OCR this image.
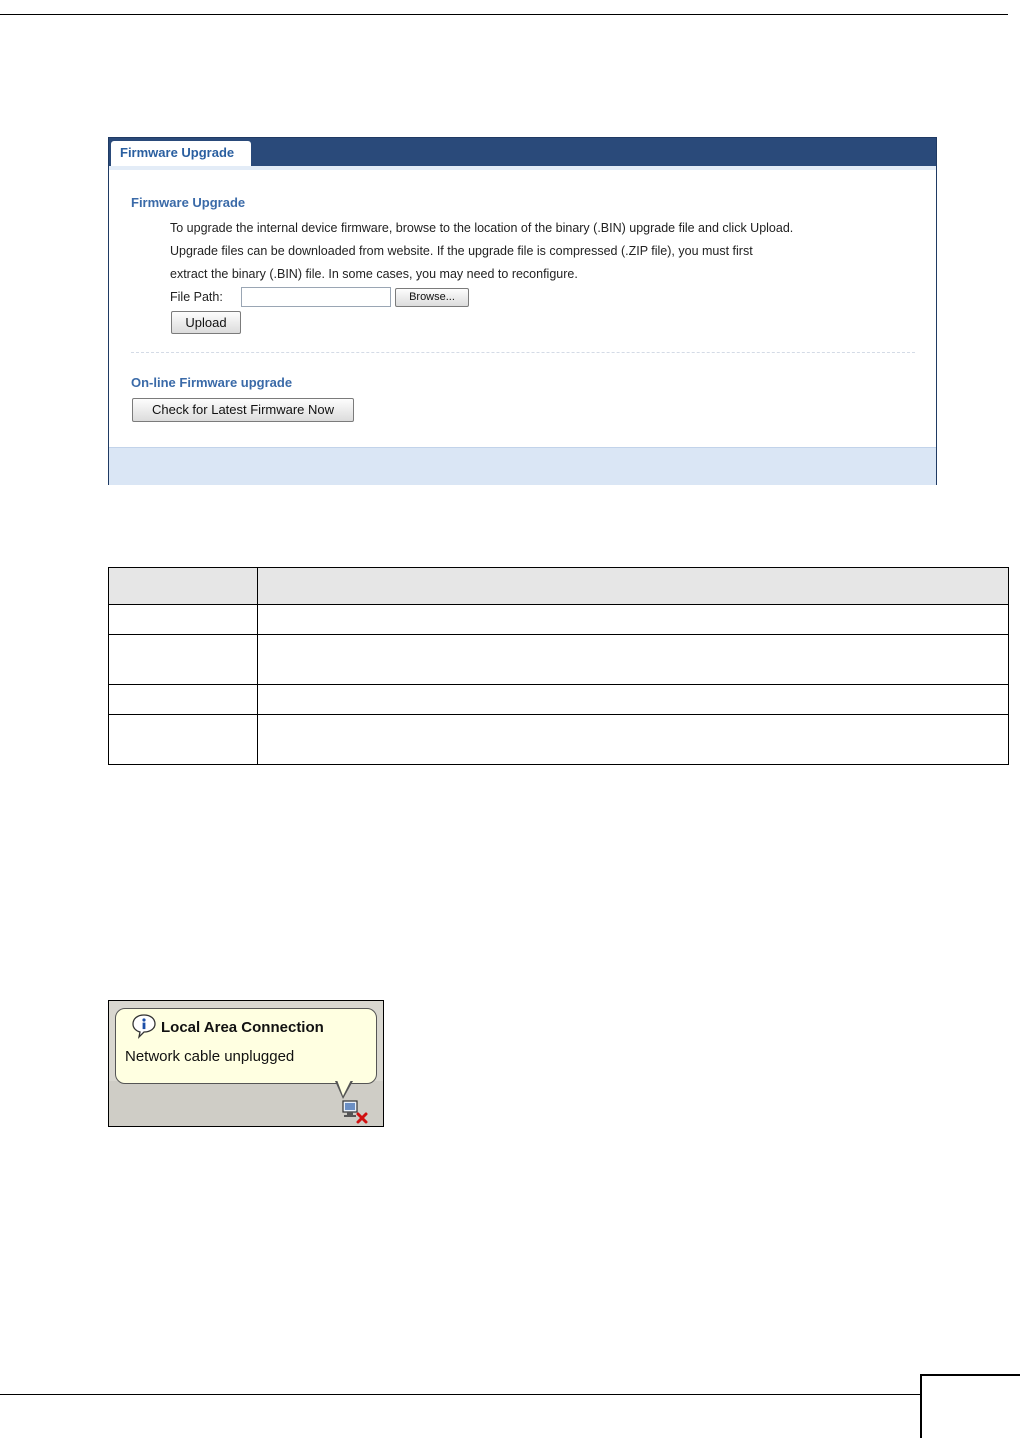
Firmware Upgrade
Firmware Upgrade
To upgrade the internal device firmware, browse to the location of the binary (.BIN) upgrade file and click Upload.
Upgrade files can be downloaded from website. If the upgrade file is compressed (.ZIP file), you must first
extract the binary (.BIN) file. In some cases, you may need to reconfigure.
File Path:	Browse...
Upload
On-line Firmware upgrade
Check for Latest Firmware Now

Local Area Connection
Network cable unplugged
